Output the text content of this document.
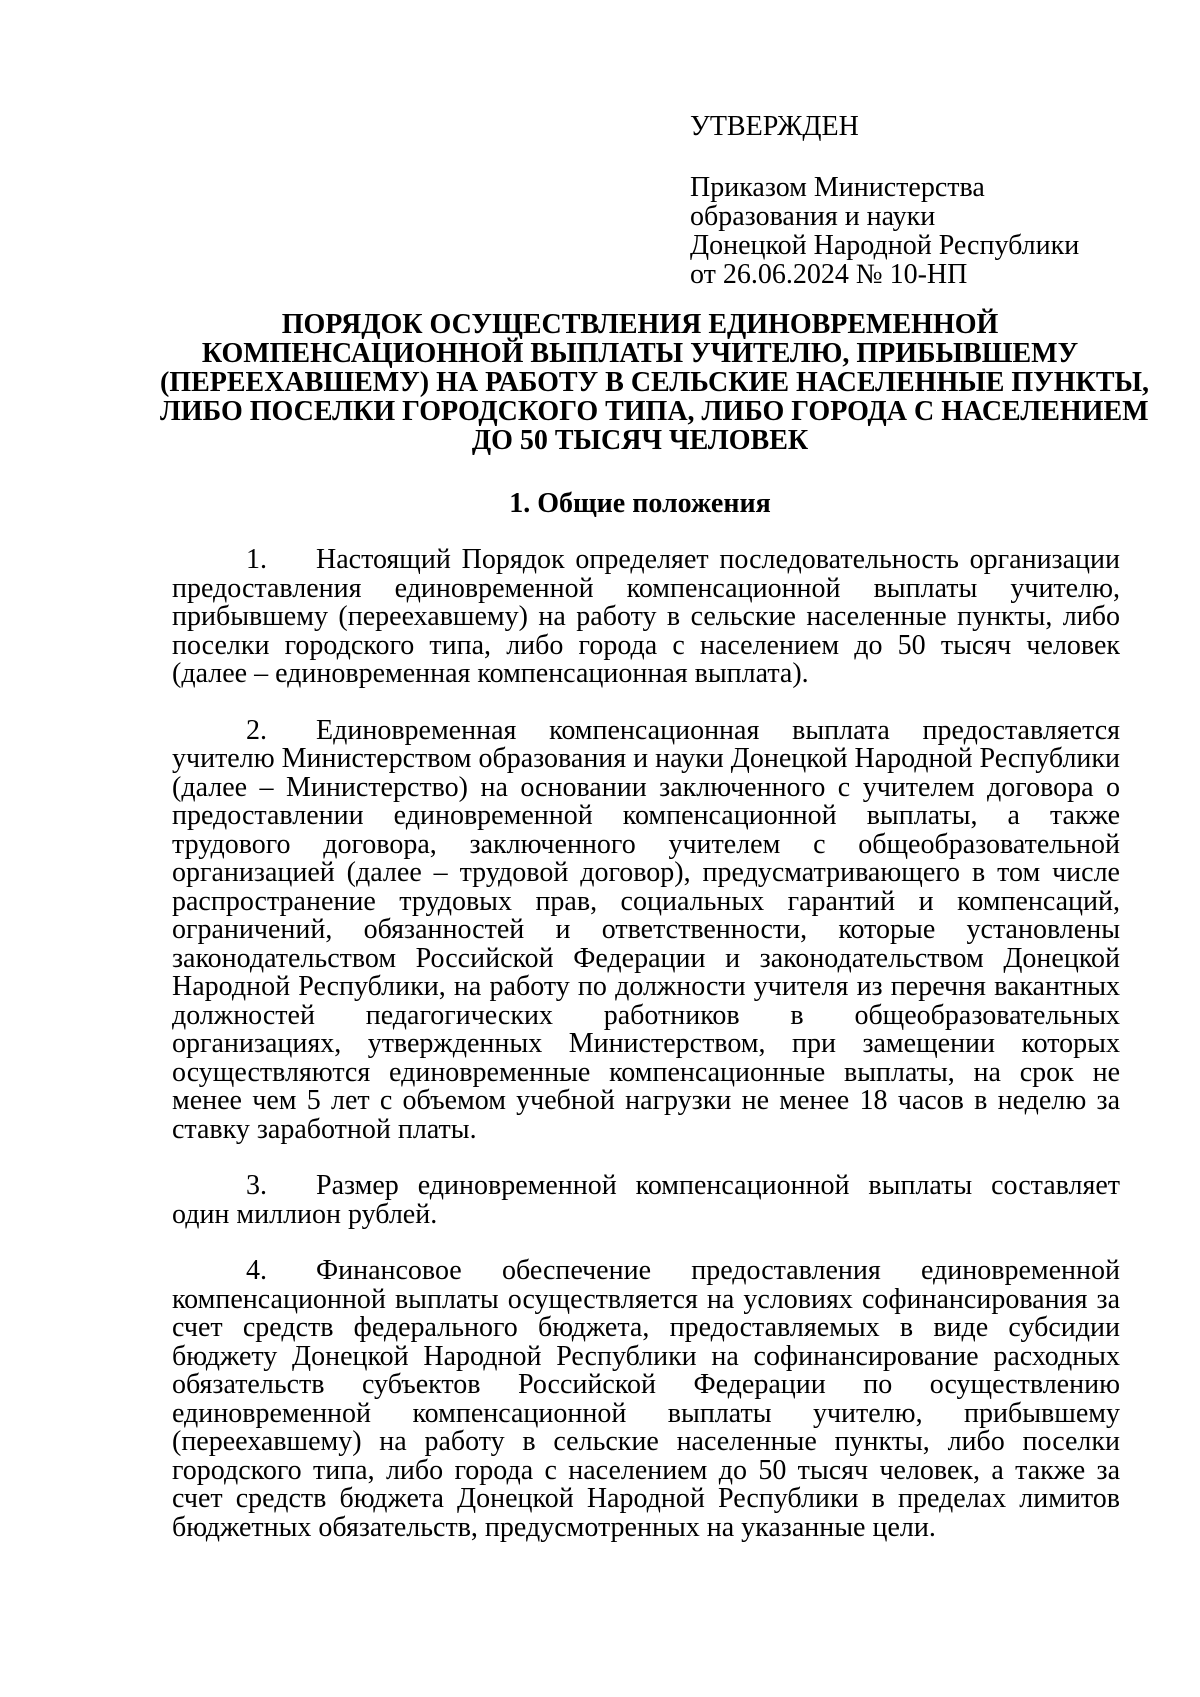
УТВЕРЖДЕН
Приказом Министерства
образования и науки
Донецкой Народной Республики
от 26.06.2024 № 10-НП
ПОРЯДОК ОСУЩЕСТВЛЕНИЯ ЕДИНОВРЕМЕННОЙ
КОМПЕНСАЦИОННОЙ ВЫПЛАТЫ УЧИТЕЛЮ, ПРИБЫВШЕМУ
(ПЕРЕЕХАВШЕМУ) НА РАБОТУ В СЕЛЬСКИЕ НАСЕЛЕННЫЕ ПУНКТЫ,
ЛИБО ПОСЕЛКИ ГОРОДСКОГО ТИПА, ЛИБО ГОРОДА С НАСЕЛЕНИЕМ
ДО 50 ТЫСЯЧ ЧЕЛОВЕК
1. Общие положения

1. Настоящий Порядок определяет последовательность организации предоставления единовременной компенсационной выплаты учителю, прибывшему (переехавшему) на работу в сельские населенные пункты, либо поселки городского типа, либо города с населением до 50 тысяч человек (далее – единовременная компенсационная выплата).

2. Единовременная компенсационная выплата предоставляется учителю Министерством образования и науки Донецкой Народной Республики (далее – Министерство) на основании заключенного с учителем договора о предоставлении единовременной компенсационной выплаты, а также трудового договора, заключенного учителем с общеобразовательной организацией (далее – трудовой договор), предусматривающего в том числе распространение трудовых прав, социальных гарантий и компенсаций, ограничений, обязанностей и ответственности, которые установлены законодательством Российской Федерации и законодательством Донецкой Народной Республики, на работу по должности учителя из перечня вакантных должностей педагогических работников в общеобразовательных организациях, утвержденных Министерством, при замещении которых осуществляются единовременные компенсационные выплаты, на срок не менее чем 5 лет с объемом учебной нагрузки не менее 18 часов в неделю за ставку заработной платы.

3. Размер единовременной компенсационной выплаты составляет один миллион рублей.

4. Финансовое обеспечение предоставления единовременной компенсационной выплаты осуществляется на условиях софинансирования за счет средств федерального бюджета, предоставляемых в виде субсидии бюджету Донецкой Народной Республики на софинансирование расходных обязательств субъектов Российской Федерации по осуществлению единовременной компенсационной выплаты учителю, прибывшему (переехавшему) на работу в сельские населенные пункты, либо поселки городского типа, либо города с населением до 50 тысяч человек, а также за счет средств бюджета Донецкой Народной Республики в пределах лимитов бюджетных обязательств, предусмотренных на указанные цели.
